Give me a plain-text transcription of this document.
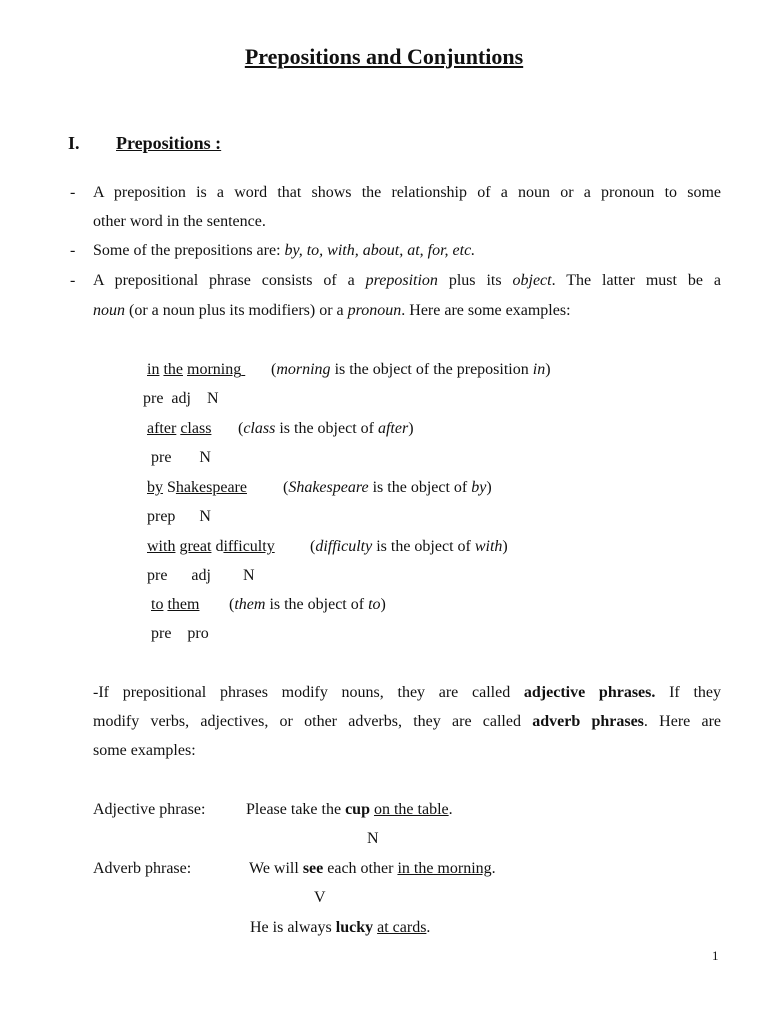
Prepositions and Conjuntions
I. Prepositions :
- A preposition is a word that shows the relationship of a noun or a pronoun to some
other word in the sentence.
- Some of the prepositions are: by, to, with, about, at, for, etc.
- A prepositional phrase consists of a preposition plus its object. The latter must be a
noun (or a noun plus its modifiers) or a pronoun. Here are some examples:
in the morning (morning is the object of the preposition in)
pre  adj    N
after class (class is the object of after)
pre       N
by Shakespeare (Shakespeare is the object of by)
prep      N
with great difficulty (difficulty is the object of with)
pre      adj        N
to them (them is the object of to)
pre    pro
-If prepositional phrases modify nouns, they are called adjective phrases. If they
modify verbs, adjectives, or other adverbs, they are called adverb phrases. Here are
some examples:
Adjective phrase:	Please take the cup on the table.
N
Adverb phrase:	We will see each other in the morning.
V
He is always lucky at cards.
1
